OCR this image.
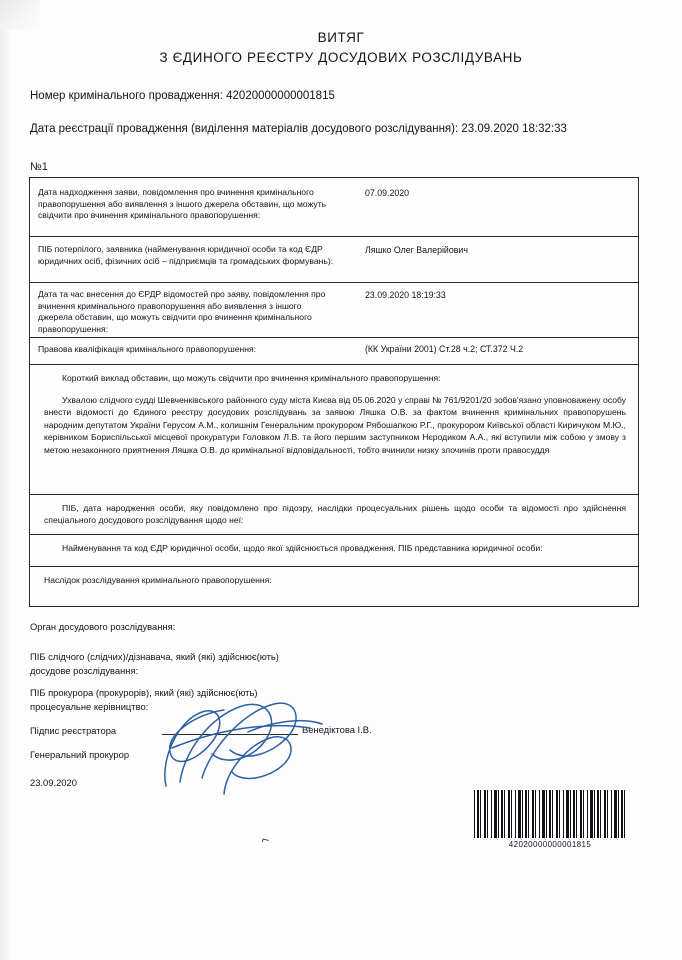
ВИТЯГ
З ЄДИНОГО РЕЄСТРУ ДОСУДОВИХ РОЗСЛІДУВАНЬ
Номер кримінального провадження: 42020000000001815
Дата реєстрації провадження (виділення матеріалів досудового розслідування): 23.09.2020 18:32:33
№1
Дата надходження заяви, повідомлення про вчинення кримінального правопорушення або виявлення з іншого джерела обставин, що можуть свідчити про вчинення кримінального правопорушення:
07.09.2020
ПІБ потерпілого, заявника (найменування юридичної особи та код ЄДР юридичних осіб, фізичних осіб – підприємців та громадських формувань):
Ляшко Олег Валерійович
Дата та час внесення до ЄРДР відомостей про заяву, повідомлення про вчинення кримінального правопорушення або виявлення з іншого джерела обставин, що можуть свідчити про вчинення кримінального правопорушення:
23.09.2020 18:19:33
Правова кваліфікація кримінального правопорушення:	(КК України 2001) Ст.28 ч.2; СТ.372 Ч.2
Короткий виклад обставин, що можуть свідчити про вчинення кримінального правопорушення:
Ухвалою слідчого судді Шевченківського районного суду міста Києва від 05.06.2020 у справі № 761/9201/20 зобов'язано уповноважену особу внести відомості до Єдиного реєстру досудових розслідувань за заявою Ляшка О.В. за фактом вчинення кримінальних правопорушень народним депутатом України Герусом А.М., колишнім Генеральним прокурором Рябошапкою Р.Г., прокурором Київської області Киричуком М.Ю., керівником Бориспільської місцевої прокуратури Головком Л.В. та його першим заступником Нєродиком А.А., які вступили між собою у змову з метою незаконного приятнення Ляшка О.В. до кримінальної відповідальності, тобто вчинили низку злочинів проти правосуддя
ПІБ, дата народження особи, яку повідомлено про підозру, наслідки процесуальних рішень щодо особи та відомості про здійснення спеціального досудового розслідування щодо неї:
Найменування та код ЄДР юридичної особи, щодо якої здійснюється провадження. ПІБ представника юридичної особи:
Наслідок розслідування кримінального правопорушення:
Орган досудового розслідування:
ПІБ слідчого (слідчих)/дізнавача, який (які) здійснює(ють)
досудове розслідування:
ПІБ прокурора (прокурорів), який (які) здійснює(ють)
процесуальне керівництво:
Підпис реєстратора	Венедіктова І.В.
Генеральний прокурор
23.09.2020
42020000000001815
⌐
